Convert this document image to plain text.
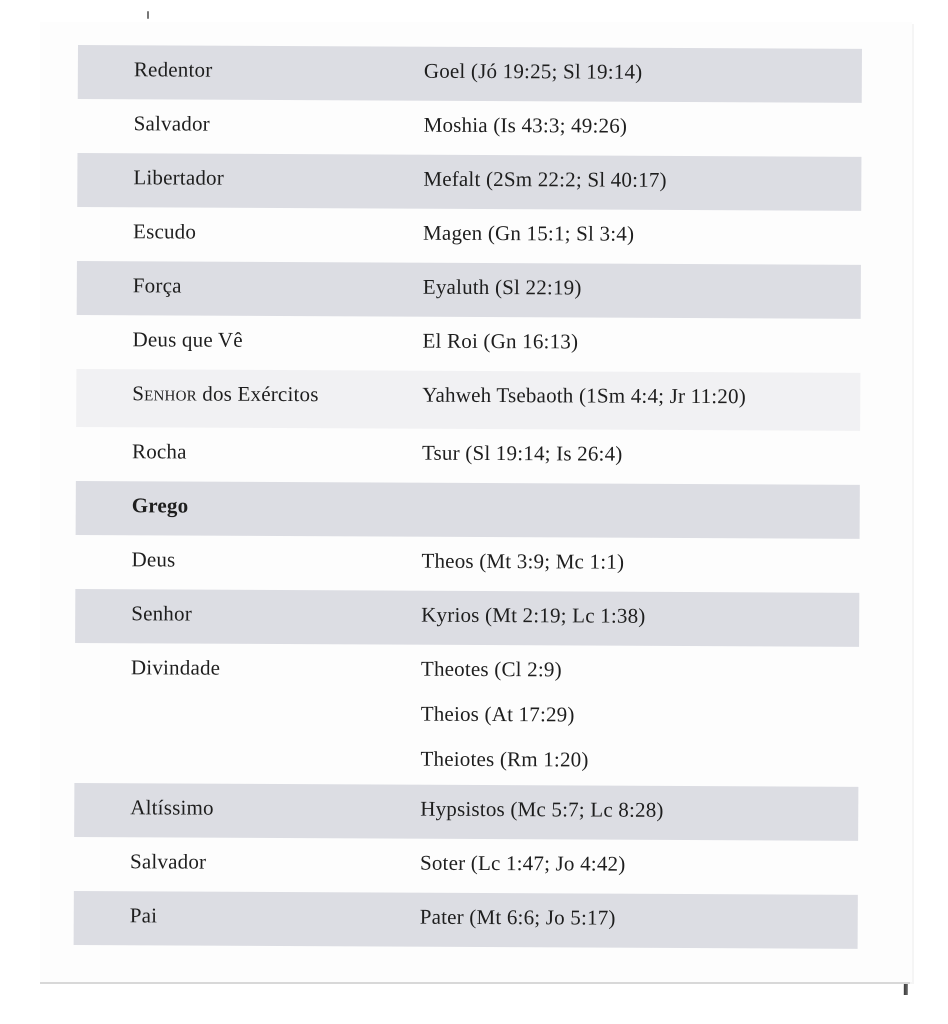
Redentor	Goel (Jó 19:25; Sl 19:14)
Salvador	Moshia (Is 43:3; 49:26)
Libertador	Mefalt (2Sm 22:2; Sl 40:17)
Escudo	Magen (Gn 15:1; Sl 3:4)
Força	Eyaluth (Sl 22:19)
Deus que Vê	El Roi (Gn 16:13)
Senhor dos Exércitos	Yahweh Tsebaoth (1Sm 4:4; Jr 11:20)
Rocha	Tsur (Sl 19:14; Is 26:4)
Grego
Deus	Theos (Mt 3:9; Mc 1:1)
Senhor	Kyrios (Mt 2:19; Lc 1:38)
Divindade	Theotes (Cl 2:9)
Theios (At 17:29)
Theiotes (Rm 1:20)
Altíssimo	Hypsistos (Mc 5:7; Lc 8:28)
Salvador	Soter (Lc 1:47; Jo 4:42)
Pai	Pater (Mt 6:6; Jo 5:17)
